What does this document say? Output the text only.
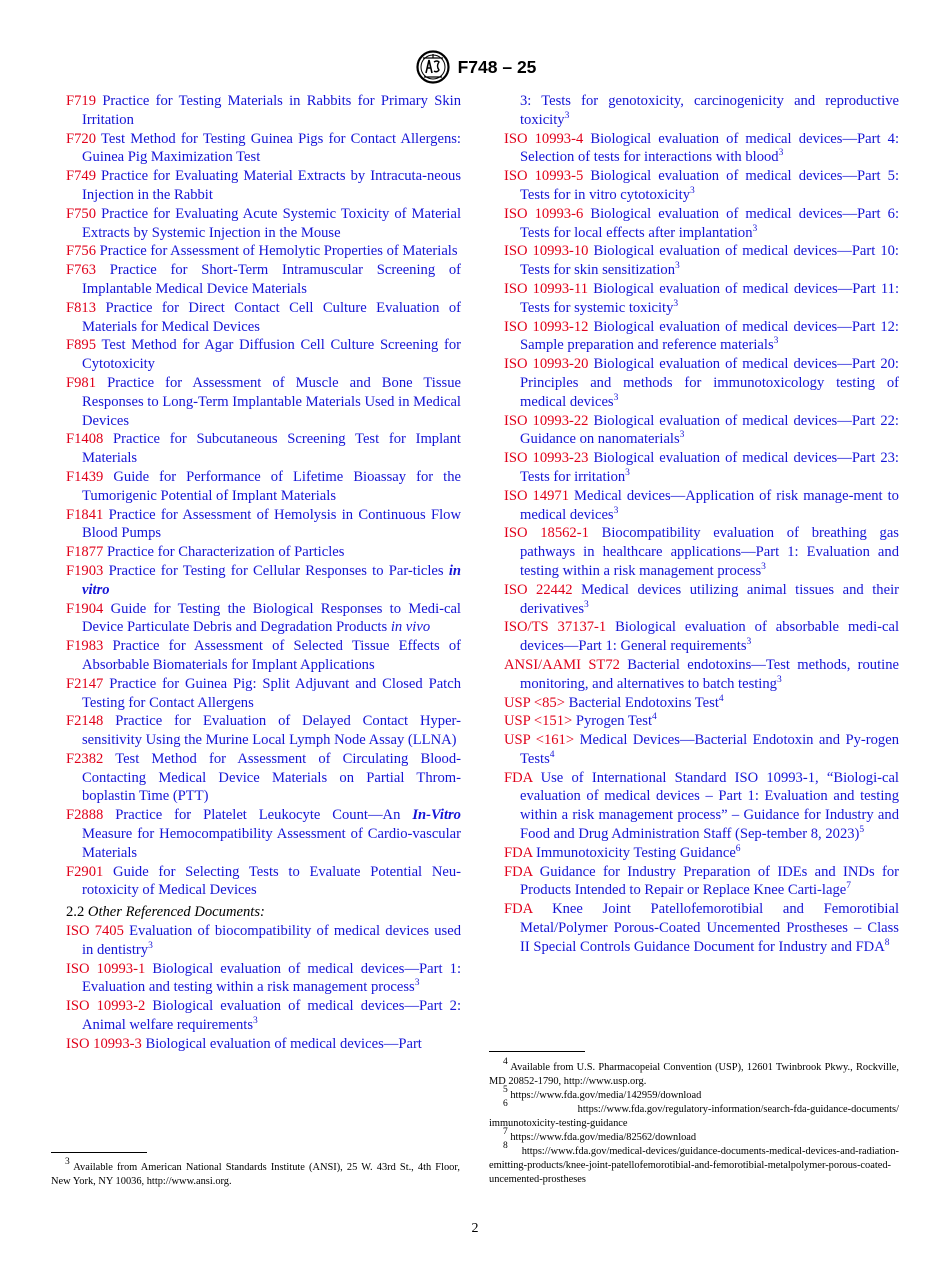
F748 – 25
F719 Practice for Testing Materials in Rabbits for Primary Skin Irritation
F720 Test Method for Testing Guinea Pigs for Contact Allergens: Guinea Pig Maximization Test
F749 Practice for Evaluating Material Extracts by Intracuta-neous Injection in the Rabbit
F750 Practice for Evaluating Acute Systemic Toxicity of Material Extracts by Systemic Injection in the Mouse
F756 Practice for Assessment of Hemolytic Properties of Materials
F763 Practice for Short-Term Intramuscular Screening of Implantable Medical Device Materials
F813 Practice for Direct Contact Cell Culture Evaluation of Materials for Medical Devices
F895 Test Method for Agar Diffusion Cell Culture Screening for Cytotoxicity
F981 Practice for Assessment of Muscle and Bone Tissue Responses to Long-Term Implantable Materials Used in Medical Devices
F1408 Practice for Subcutaneous Screening Test for Implant Materials
F1439 Guide for Performance of Lifetime Bioassay for the Tumorigenic Potential of Implant Materials
F1841 Practice for Assessment of Hemolysis in Continuous Flow Blood Pumps
F1877 Practice for Characterization of Particles
F1903 Practice for Testing for Cellular Responses to Par-ticles in vitro
F1904 Guide for Testing the Biological Responses to Medi-cal Device Particulate Debris and Degradation Products in vivo
F1983 Practice for Assessment of Selected Tissue Effects of Absorbable Biomaterials for Implant Applications
F2147 Practice for Guinea Pig: Split Adjuvant and Closed Patch Testing for Contact Allergens
F2148 Practice for Evaluation of Delayed Contact Hyper-sensitivity Using the Murine Local Lymph Node Assay (LLNA)
F2382 Test Method for Assessment of Circulating Blood-Contacting Medical Device Materials on Partial Throm-boplastin Time (PTT)
F2888 Practice for Platelet Leukocyte Count—An In-Vitro Measure for Hemocompatibility Assessment of Cardio-vascular Materials
F2901 Guide for Selecting Tests to Evaluate Potential Neu-rotoxicity of Medical Devices
2.2 Other Referenced Documents:
ISO 7405 Evaluation of biocompatibility of medical devices used in dentistry$^3$
ISO 10993-1 Biological evaluation of medical devices—Part 1: Evaluation and testing within a risk management process$^3$
ISO 10993-2 Biological evaluation of medical devices—Part 2: Animal welfare requirements$^3$
ISO 10993-3 Biological evaluation of medical devices—Part
3: Tests for genotoxicity, carcinogenicity and reproductive toxicity$^3$
ISO 10993-4 Biological evaluation of medical devices—Part 4: Selection of tests for interactions with blood$^3$
ISO 10993-5 Biological evaluation of medical devices—Part 5: Tests for in vitro cytotoxicity$^3$
ISO 10993-6 Biological evaluation of medical devices—Part 6: Tests for local effects after implantation$^3$
ISO 10993-10 Biological evaluation of medical devices—Part 10: Tests for skin sensitization$^3$
ISO 10993-11 Biological evaluation of medical devices—Part 11: Tests for systemic toxicity$^3$
ISO 10993-12 Biological evaluation of medical devices—Part 12: Sample preparation and reference materials$^3$
ISO 10993-20 Biological evaluation of medical devices—Part 20: Principles and methods for immunotoxicology testing of medical devices$^3$
ISO 10993-22 Biological evaluation of medical devices—Part 22: Guidance on nanomaterials$^3$
ISO 10993-23 Biological evaluation of medical devices—Part 23: Tests for irritation$^3$
ISO 14971 Medical devices—Application of risk manage-ment to medical devices$^3$
ISO 18562-1 Biocompatibility evaluation of breathing gas pathways in healthcare applications—Part 1: Evaluation and testing within a risk management process$^3$
ISO 22442 Medical devices utilizing animal tissues and their derivatives$^3$
ISO/TS 37137-1 Biological evaluation of absorbable medi-cal devices—Part 1: General requirements$^3$
ANSI/AAMI ST72 Bacterial endotoxins—Test methods, routine monitoring, and alternatives to batch testing$^3$
USP <85> Bacterial Endotoxins Test$^4$
USP <151> Pyrogen Test$^4$
USP <161> Medical Devices—Bacterial Endotoxin and Py-rogen Tests$^4$
FDA Use of International Standard ISO 10993-1, “Biologi-cal evaluation of medical devices – Part 1: Evaluation and testing within a risk management process” – Guidance for Industry and Food and Drug Administration Staff (Sep-tember 8, 2023)$^5$
FDA Immunotoxicity Testing Guidance$^6$
FDA Guidance for Industry Preparation of IDEs and INDs for Products Intended to Repair or Replace Knee Carti-lage$^7$
FDA Knee Joint Patellofemorotibial and Femorotibial Metal/Polymer Porous-Coated Uncemented Prostheses – Class II Special Controls Guidance Document for Industry and FDA$^8$

$^3$ Available from American National Standards Institute (ANSI), 25 W. 43rd St., 4th Floor, New York, NY 10036, http://www.ansi.org.

$^4$ Available from U.S. Pharmacopeial Convention (USP), 12601 Twinbrook Pkwy., Rockville, MD 20852-1790, http://www.usp.org.

$^5$ https://www.fda.gov/media/142959/download

$^6$	https://www.fda.gov/regulatory-information/search-fda-guidance-documents/ immunotoxicity-testing-guidance

$^7$ https://www.fda.gov/media/82562/download

$^8$ https://www.fda.gov/medical-devices/guidance-documents-medical-devices-and-radiation-emitting-products/knee-joint-patellofemorotibial-and-femorotibial-metalpolymer-porous-coated-uncemented-prostheses

2
